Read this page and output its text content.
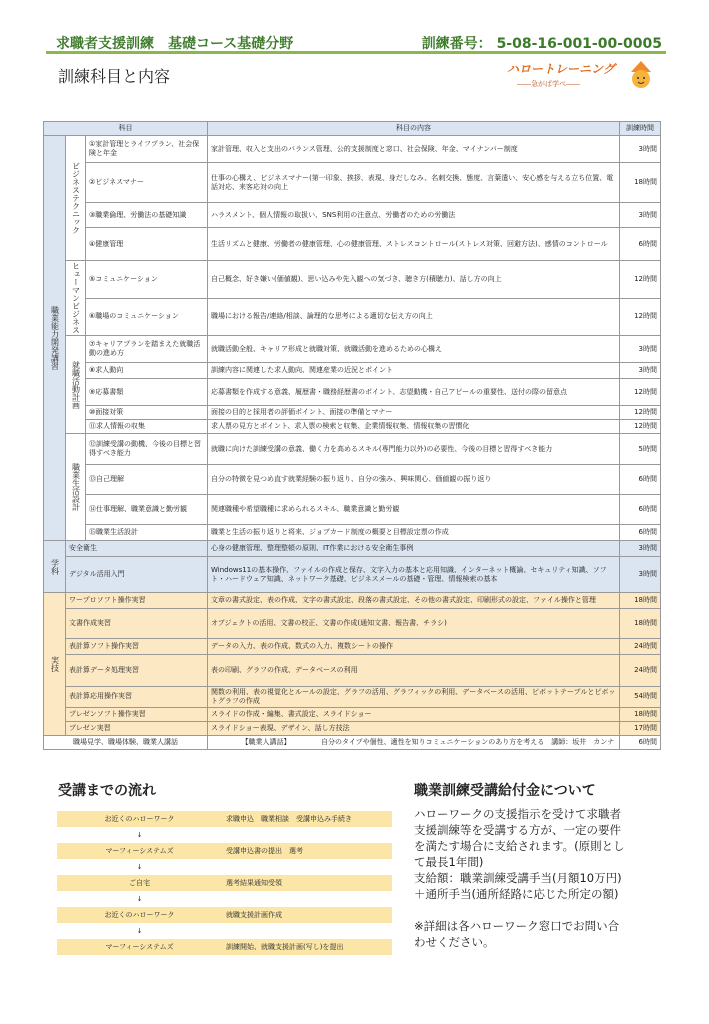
求職者支援訓練　基礎コース基礎分野	訓練番号： 5-08-16-001-00-0005
訓練科目と内容	ハロートレーニング
――急がば学べ――
科目			科目の内容	訓練時間
職業能力開発講習	ビジネステクニック	①家計管理とライフプラン、社会保険と年金	家計管理、収入と支出のバランス管理、公的支援制度と窓口、社会保険、年金、マイナンバー制度	3時間
		②ビジネスマナー	仕事の心構え、ビジネスマナー(第一印象、挨拶、表現、身だしなみ、名刺交換、態度、言葉遣い、安心感を与える立ち位置、電話対応、来客応対の向上	18時間
		③職業倫理、労働法の基礎知識	ハラスメント、個人情報の取扱い、SNS利用の注意点、労働者のための労働法	3時間
		④健康管理	生活リズムと健康、労働者の健康管理、心の健康管理、ストレスコントロール(ストレス対策、回避方法)、感情のコントロール	6時間
	ヒューマンビジネス	⑤コミュニケーション	自己概念、好き嫌い(価値観)、思い込みや先入観への気づき、聴き方(積聴力)、話し方の向上	12時間
		⑥職場のコミュニケーション	職場における報告/連絡/相談、論理的な思考による適切な伝え方の向上	12時間
	就職活動計画	⑦キャリアプランを踏まえた就職活動の進め方	就職活動全般、キャリア形成と就職対策、就職活動を進めるための心構え	3時間
		⑧求人動向	訓練内容に関連した求人動向、関連産業の近況とポイント	3時間
		⑨応募書類	応募書類を作成する意義、履歴書・職務経歴書のポイント、志望動機・自己アピールの重要性、送付の際の留意点	12時間
		⑩面接対策	面接の目的と採用者の評価ポイント、面接の準備とマナー	12時間
		⑪求人情報の収集	求人票の見方とポイント、求人票の検索と収集、企業情報収集、情報収集の習慣化	12時間
	職業生活設計	⑫訓練受講の動機、今後の目標と習得すべき能力	就職に向けた訓練受講の意義、働く力を高めるスキル(専門能力以外)の必要性、今後の目標と習得すべき能力	5時間
		⑬自己理解	自分の特徴を見つめ直す就業経験の振り返り、自分の強み、興味関心、価値観の振り返り	6時間
		⑭仕事理解、職業意識と勤労観	関連職種や希望職種に求められるスキル、職業意識と勤労観	6時間
		⑮職業生活設計	職業と生活の振り返りと将来、ジョブカード制度の概要と目標設定票の作成	6時間
学科	安全衛生		心身の健康管理、整理整頓の原則、IT作業における安全衛生事例	3時間
	デジタル活用入門		Windows11の基本操作、ファイルの作成と保存、文字入力の基本と応用知識、インターネット概論、セキュリティ知識、ソフト・ハードウェア知識、ネットワーク基礎、ビジネスメールの基礎・管理、情報検索の基本	3時間
実技	ワープロソフト操作実習		文章の書式設定、表の作成、文字の書式設定、段落の書式設定、その他の書式設定、印刷形式の設定、ファイル操作と管理	18時間
	文書作成実習		オブジェクトの活用、文書の校正、文書の作成(通知文書、報告書、チラシ)	18時間
	表計算ソフト操作実習		データの入力、表の作成、数式の入力、複数シートの操作	24時間
	表計算データ処理実習		表の印刷、グラフの作成、データベースの利用	24時間
	表計算応用操作実習		関数の利用、表の視覚化とルールの設定、グラフの活用、グラフィックの利用、データベースの活用、ピボットテーブルとピボットグラフの作成	54時間
	プレゼンソフト操作実習		スライドの作成・編集、書式設定、スライドショー	18時間
	プレゼン実習		スライドショー表現、デザイン、話し方技法	17時間
職場見学、職場体験、職業人講話			【職業人講話】 自分のタイプや個性、適性を知りコミュニケーションのあり方を考える　講師：坂井　カンナ	6時間
受講までの流れ
お近くのハローワーク	求職申込　職業相談　受講申込み手続き
↓	
マーフィーシステムズ	受講申込書の提出　選考
↓	
ご自宅	選考結果通知受領
↓	
お近くのハローワーク	就職支援計画作成
↓	
マーフィーシステムズ	訓練開始、就職支援計画(写し)を提出
職業訓練受講給付金について

ハローワークの支援指示を受けて求職者

支援訓練等を受講する方が、一定の要件

を満たす場合に支給されます。(原則とし

て最長1年間)

支給額：職業訓練受講手当(月額10万円)

＋通所手当(通所経路に応じた所定の額)

※詳細は各ハローワーク窓口でお問い合

わせください。
